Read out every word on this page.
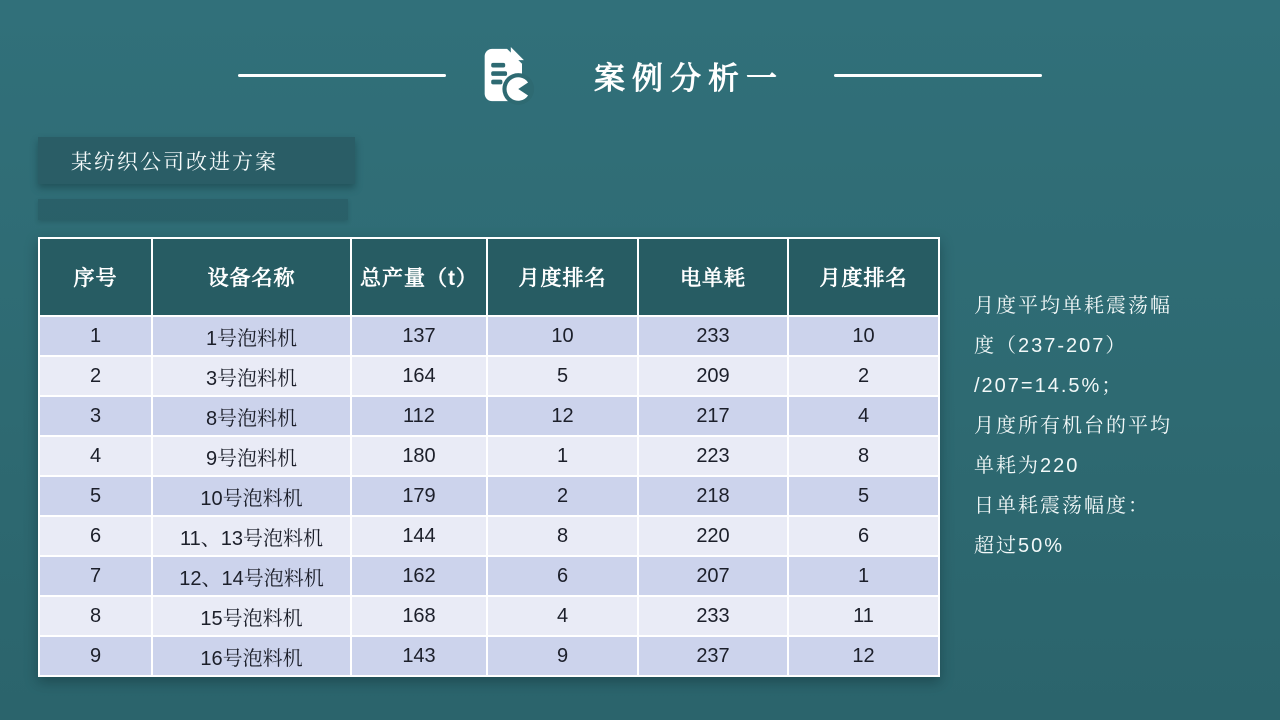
案例分析一
某纺织公司改进方案
序号	设备名称	总产量（t）	月度排名	电单耗	月度排名
1	1号泡料机	137	10	233	10
2	3号泡料机	164	5	209	2
3	8号泡料机	112	12	217	4
4	9号泡料机	180	1	223	8
5	10号泡料机	179	2	218	5
6	11、13号泡料机	144	8	220	6
7	12、14号泡料机	162	6	207	1
8	15号泡料机	168	4	233	11
9	16号泡料机	143	9	237	12
月度平均单耗震荡幅
度（237-207）
/207=14.5%；
月度所有机台的平均
单耗为220
日单耗震荡幅度：
超过50%
